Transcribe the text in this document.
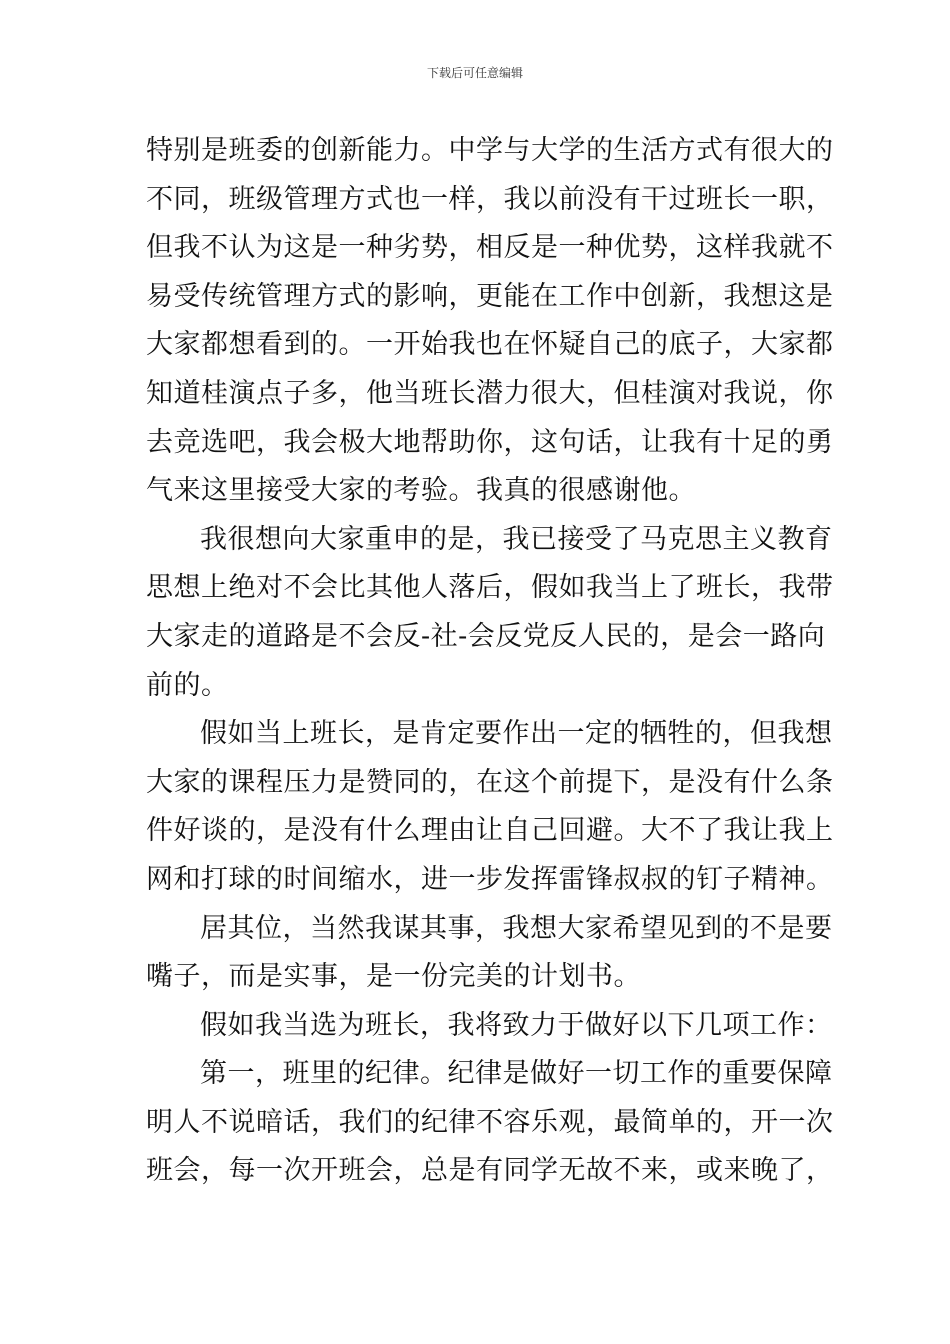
下载后可任意编辑

特别是班委的创新能力。中学与大学的生活方式有很大的

不同，班级管理方式也一样，我以前没有干过班长一职，

但我不认为这是一种劣势，相反是一种优势，这样我就不

易受传统管理方式的影响，更能在工作中创新，我想这是

大家都想看到的。一开始我也在怀疑自己的底子，大家都

知道桂演点子多，他当班长潜力很大，但桂演对我说，你

去竞选吧，我会极大地帮助你，这句话，让我有十足的勇

气来这里接受大家的考验。我真的很感谢他。

我很想向大家重申的是，我已接受了马克思主义教育

思想上绝对不会比其他人落后，假如我当上了班长，我带

大家走的道路是不会反-社-会反党反人民的，是会一路向

前的。

假如当上班长，是肯定要作出一定的牺牲的，但我想

大家的课程压力是赞同的，在这个前提下，是没有什么条

件好谈的，是没有什么理由让自己回避。大不了我让我上

网和打球的时间缩水，进一步发挥雷锋叔叔的钉子精神。

居其位，当然我谋其事，我想大家希望见到的不是要

嘴子，而是实事，是一份完美的计划书。

假如我当选为班长，我将致力于做好以下几项工作：

第一，班里的纪律。纪律是做好一切工作的重要保障

明人不说暗话，我们的纪律不容乐观，最简单的，开一次

班会，每一次开班会，总是有同学无故不来，或来晚了，
